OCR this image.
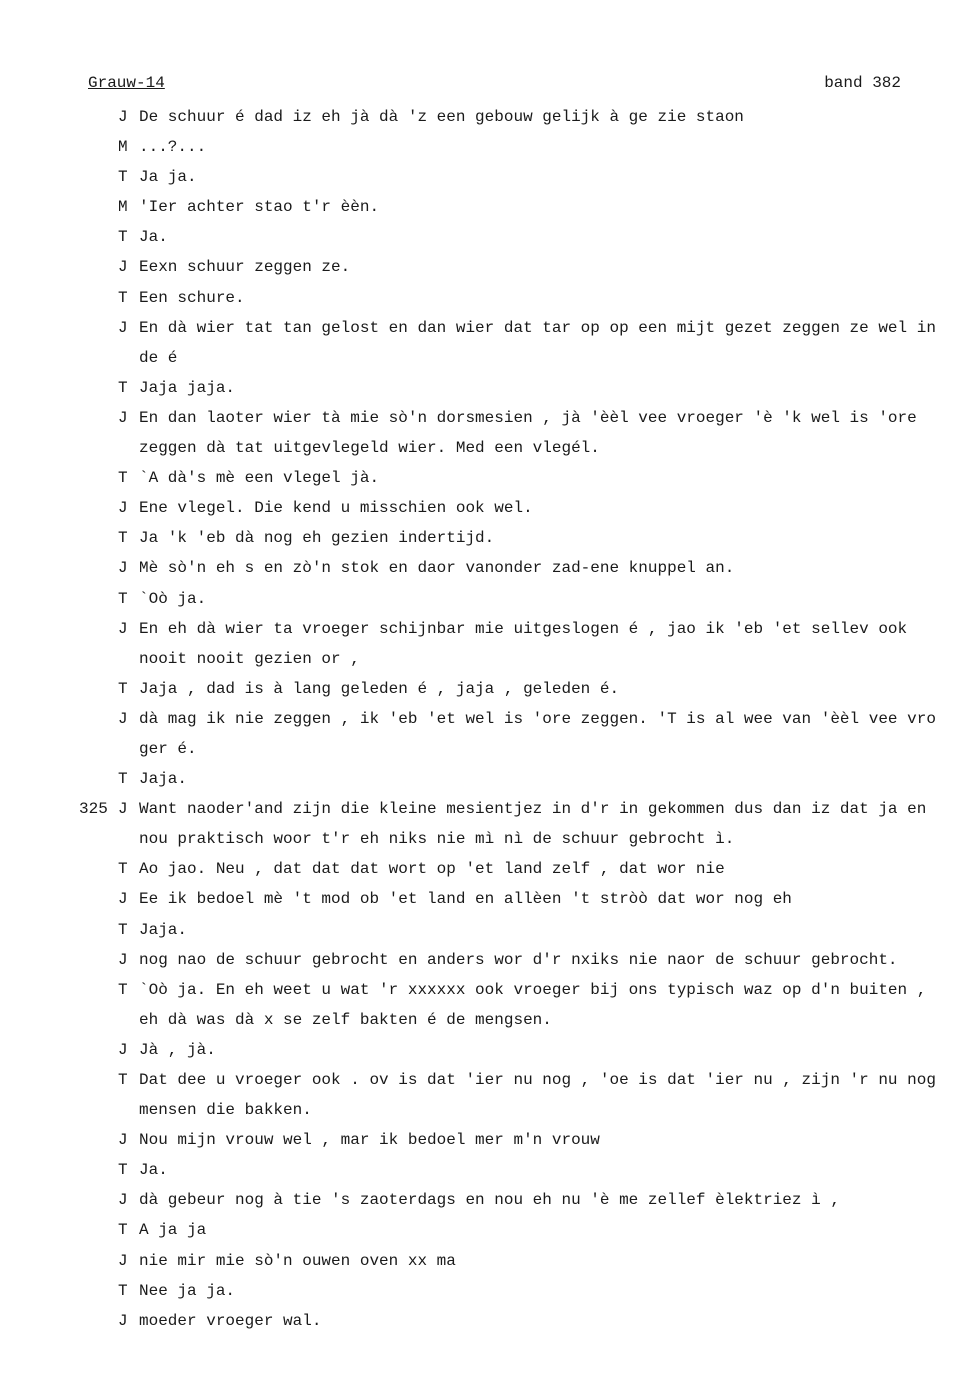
Grauw-14	band 382
J De schuur é dad iz eh jà dà 'z een gebouw gelijk à ge zie staon
M ...?...
T Ja ja.
M 'Ier achter stao t'r èèn.
T Ja.
J Eexn schuur zeggen ze.
T Een schure.
J En dà wier tat tan gelost en dan wier dat tar op op een mijt gezet zeggen ze wel in
de é
T Jaja jaja.
J En dan laoter wier tà mie sò'n dorsmesien , jà 'èèl vee vroeger 'è 'k wel is 'ore
zeggen dà tat uitgevlegeld wier. Med een vlegél.
T `A dà's mè een vlegel jà.
J Ene vlegel. Die kend u misschien ook wel.
T Ja 'k 'eb dà nog eh gezien indertijd.
J Mè sò'n eh s en zò'n stok en daor vanonder zad-ene knuppel an.
T `Oò ja.
J En eh dà wier ta vroeger schijnbar mie uitgeslogen é , jao ik 'eb 'et sellev ook
nooit nooit gezien or ,
T Jaja , dad is à lang geleden é , jaja , geleden é.
J dà mag ik nie zeggen , ik 'eb 'et wel is 'ore zeggen. 'T is al wee van 'èèl vee vro
ger é.
T Jaja.
325 J Want naoder'and zijn die kleine mesientjez in d'r in gekommen dus dan iz dat ja en
nou praktisch woor t'r eh niks nie mì nì de schuur gebrocht ì.
T Ao jao. Neu , dat dat dat wort op 'et land zelf , dat wor nie
J Ee ik bedoel mè 't mod ob 'et land en allèen 't stròò dat wor nog eh
T Jaja.
J nog nao de schuur gebrocht en anders wor d'r nxiks nie naor de schuur gebrocht.
T `Oò ja. En eh weet u wat 'r xxxxxx ook vroeger bij ons typisch waz op d'n buiten ,
eh dà was dà x se zelf bakten é de mengsen.
J Jà , jà.
T Dat dee u vroeger ook . ov is dat 'ier nu nog , 'oe is dat 'ier nu , zijn 'r nu nog
mensen die bakken.
J Nou mijn vrouw wel , mar ik bedoel mer m'n vrouw
T Ja.
J dà gebeur nog à tie 's zaoterdags en nou eh nu 'è me zellef èlektriez ì ,
T A ja ja
J nie mir mie sò'n ouwen oven xx ma
T Nee ja ja.
J moeder vroeger wal.
